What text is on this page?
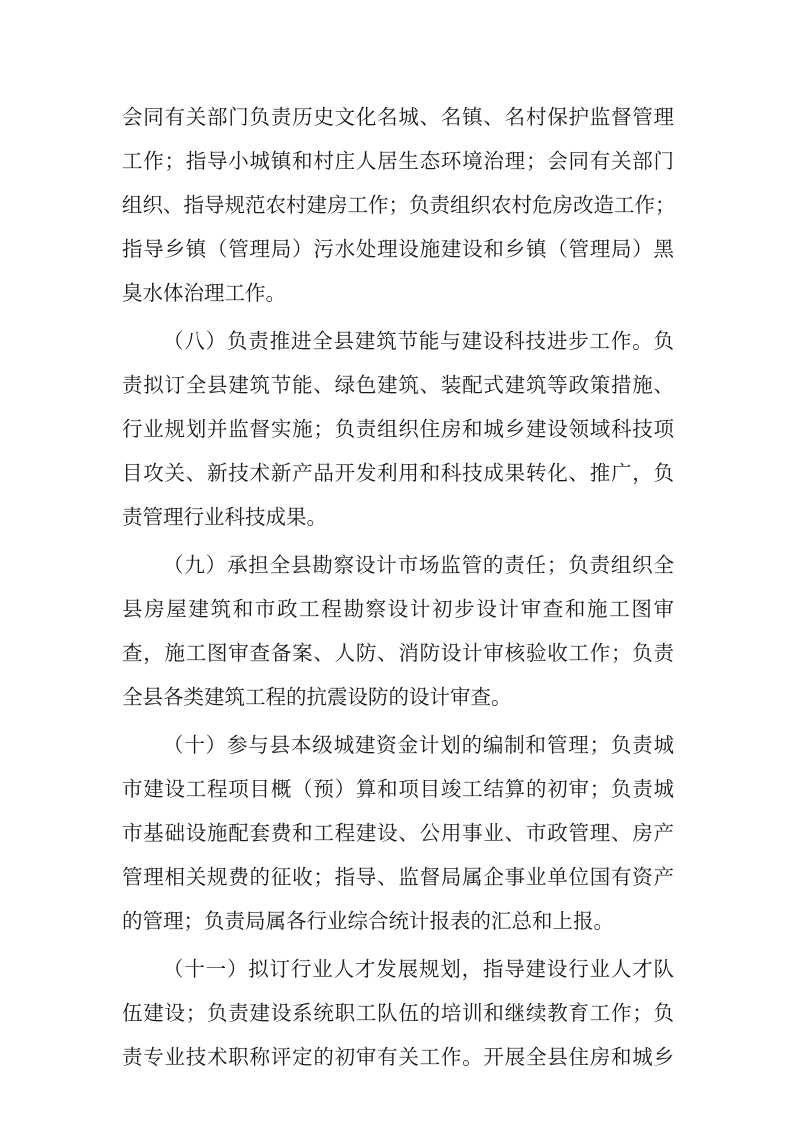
会同有关部门负责历史文化名城、名镇、名村保护监督管理
工作；指导小城镇和村庄人居生态环境治理；会同有关部门
组织、指导规范农村建房工作；负责组织农村危房改造工作；
指导乡镇（管理局）污水处理设施建设和乡镇（管理局）黑
臭水体治理工作。
（八）负责推进全县建筑节能与建设科技进步工作。负
责拟订全县建筑节能、绿色建筑、装配式建筑等政策措施、
行业规划并监督实施；负责组织住房和城乡建设领域科技项
目攻关、新技术新产品开发利用和科技成果转化、推广，负
责管理行业科技成果。
（九）承担全县勘察设计市场监管的责任；负责组织全
县房屋建筑和市政工程勘察设计初步设计审查和施工图审
查，施工图审查备案、人防、消防设计审核验收工作；负责
全县各类建筑工程的抗震设防的设计审查。
（十）参与县本级城建资金计划的编制和管理；负责城
市建设工程项目概（预）算和项目竣工结算的初审；负责城
市基础设施配套费和工程建设、公用事业、市政管理、房产
管理相关规费的征收；指导、监督局属企事业单位国有资产
的管理；负责局属各行业综合统计报表的汇总和上报。
（十一）拟订行业人才发展规划，指导建设行业人才队
伍建设；负责建设系统职工队伍的培训和继续教育工作；负
责专业技术职称评定的初审有关工作。开展全县住房和城乡
